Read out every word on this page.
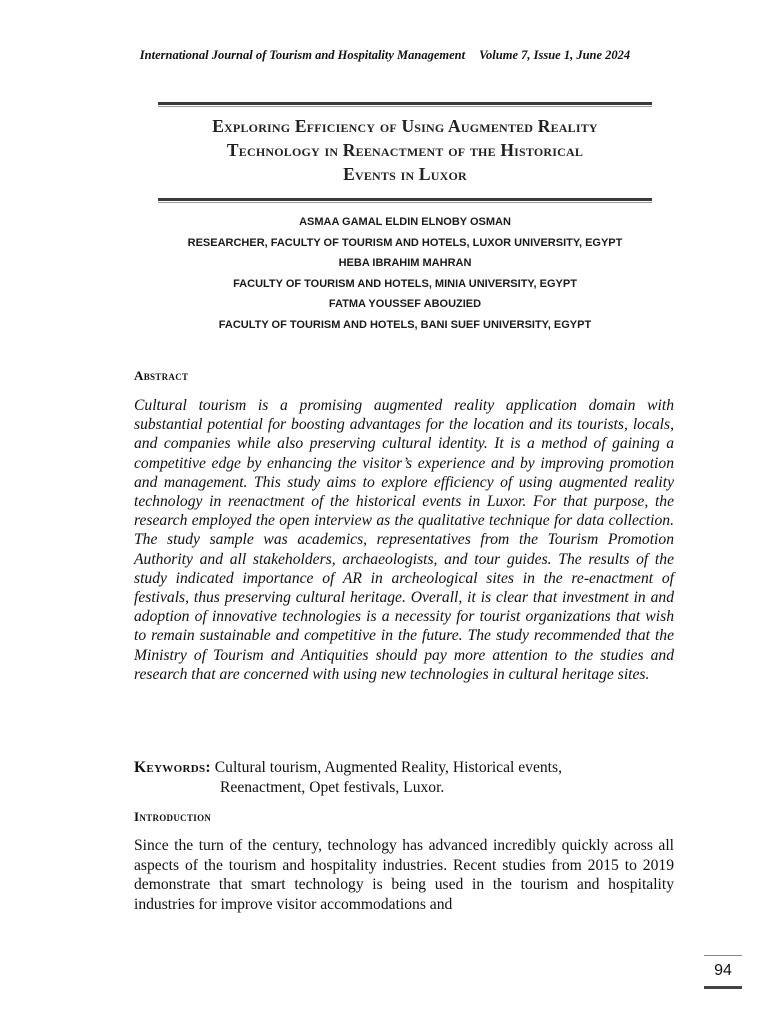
International Journal of Tourism and Hospitality Management Volume 7, Issue 1, June 2024
Exploring Efficiency of Using Augmented Reality
Technology in Reenactment of the Historical
Events in Luxor
ASMAA GAMAL ELDIN ELNOBY OSMAN
RESEARCHER, FACULTY OF TOURISM AND HOTELS, LUXOR UNIVERSITY, EGYPT
HEBA IBRAHIM MAHRAN
FACULTY OF TOURISM AND HOTELS, MINIA UNIVERSITY, EGYPT
FATMA YOUSSEF ABOUZIED
FACULTY OF TOURISM AND HOTELS, BANI SUEF UNIVERSITY, EGYPT
Abstract

Cultural tourism is a promising augmented reality application domain with substantial potential for boosting advantages for the location and its tourists, locals, and companies while also preserving cultural identity. It is a method of gaining a competitive edge by enhancing the visitor’s experience and by improving promotion and management. This study aims to explore efficiency of using augmented reality technology in reenactment of the historical events in Luxor. For that purpose, the research employed the open interview as the qualitative technique for data collection. The study sample was academics, representatives from the Tourism Promotion Authority and all stakeholders, archaeologists, and tour guides. The results of the study indicated importance of AR in archeological sites in the re-enactment of festivals, thus preserving cultural heritage. Overall, it is clear that investment in and adoption of innovative technologies is a necessity for tourist organizations that wish to remain sustainable and competitive in the future. The study recommended that the Ministry of Tourism and Antiquities should pay more attention to the studies and research that are concerned with using new technologies in cultural heritage sites.

Keywords: Cultural tourism, Augmented Reality, Historical events,
Reenactment, Opet festivals, Luxor.
Introduction

Since the turn of the century, technology has advanced incredibly quickly across all aspects of the tourism and hospitality industries. Recent studies from 2015 to 2019 demonstrate that smart technology is being used in the tourism and hospitality industries for improve visitor accommodations and

94
